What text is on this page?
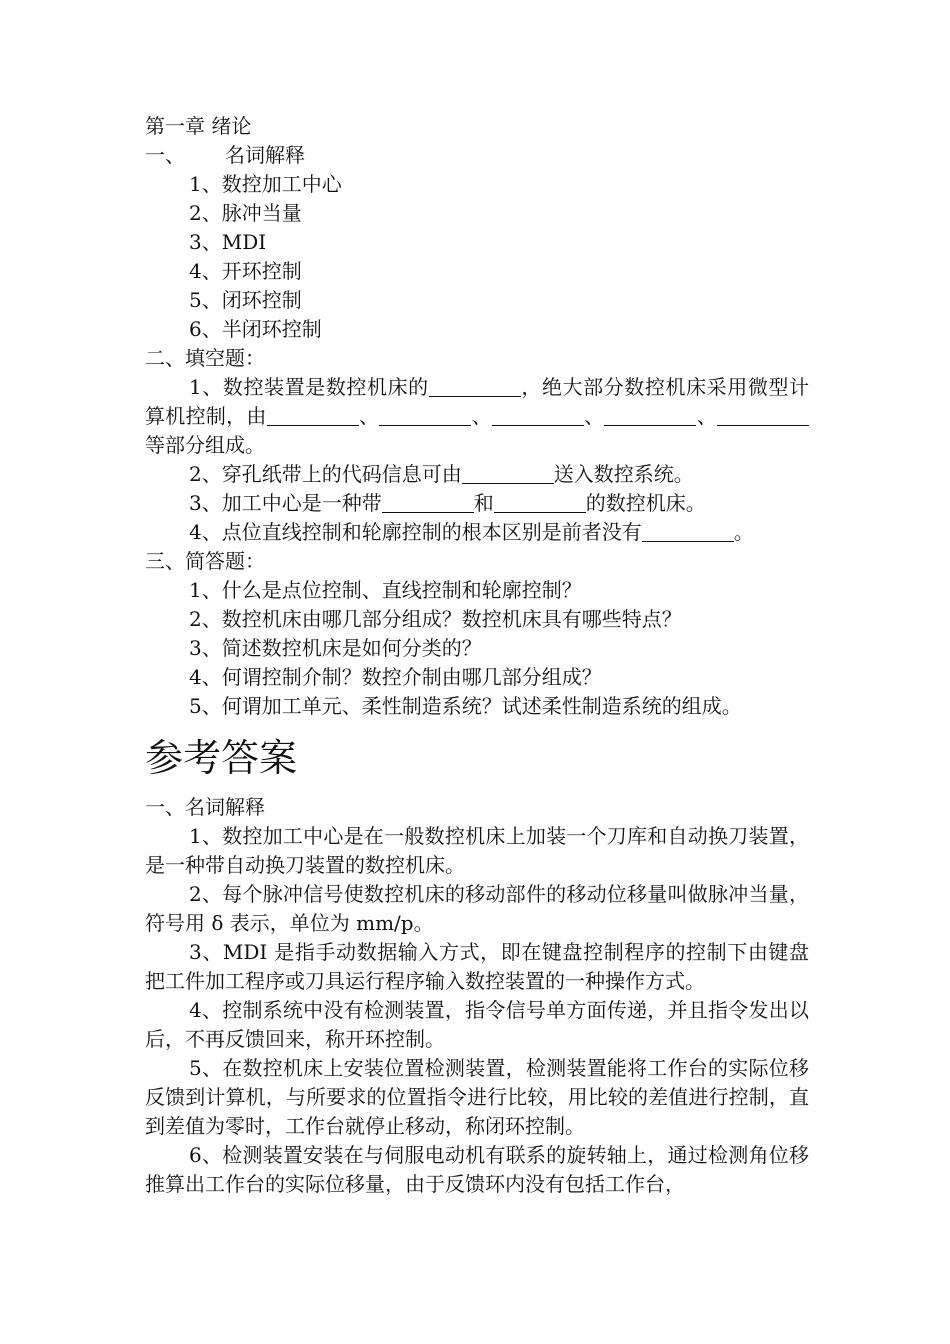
第一章 绪论

一、 名词解释

1、数控加工中心

2、脉冲当量

3、MDI

4、开环控制

5、闭环控制

6、半闭环控制

二、填空题：

1、数控装置是数控机床的	，绝大部分数控机床采用微型计算机控制，由	、	、	、	、等部分组成。

2、穿孔纸带上的代码信息可由	送入数控系统。

3、加工中心是一种带	和	的数控机床。

4、点位直线控制和轮廓控制的根本区别是前者没有	。

三、简答题：

1、什么是点位控制、直线控制和轮廓控制？

2、数控机床由哪几部分组成？数控机床具有哪些特点？

3、简述数控机床是如何分类的？

4、何谓控制介制？数控介制由哪几部分组成？

5、何谓加工单元、柔性制造系统？试述柔性制造系统的组成。

参考答案

一、名词解释

1、数控加工中心是在一般数控机床上加装一个刀库和自动换刀装置，是一种带自动换刀装置的数控机床。

2、每个脉冲信号使数控机床的移动部件的移动位移量叫做脉冲当量，符号用 δ 表示，单位为 mm/p。

3、MDI 是指手动数据输入方式，即在键盘控制程序的控制下由键盘把工件加工程序或刀具运行程序输入数控装置的一种操作方式。

4、控制系统中没有检测装置，指令信号单方面传递，并且指令发出以后，不再反馈回来，称开环控制。

5、在数控机床上安装位置检测装置，检测装置能将工作台的实际位移反馈到计算机，与所要求的位置指令进行比较，用比较的差值进行控制，直到差值为零时，工作台就停止移动，称闭环控制。

6、检测装置安装在与伺服电动机有联系的旋转轴上，通过检测角位移推算出工作台的实际位移量，由于反馈环内没有包括工作台，
